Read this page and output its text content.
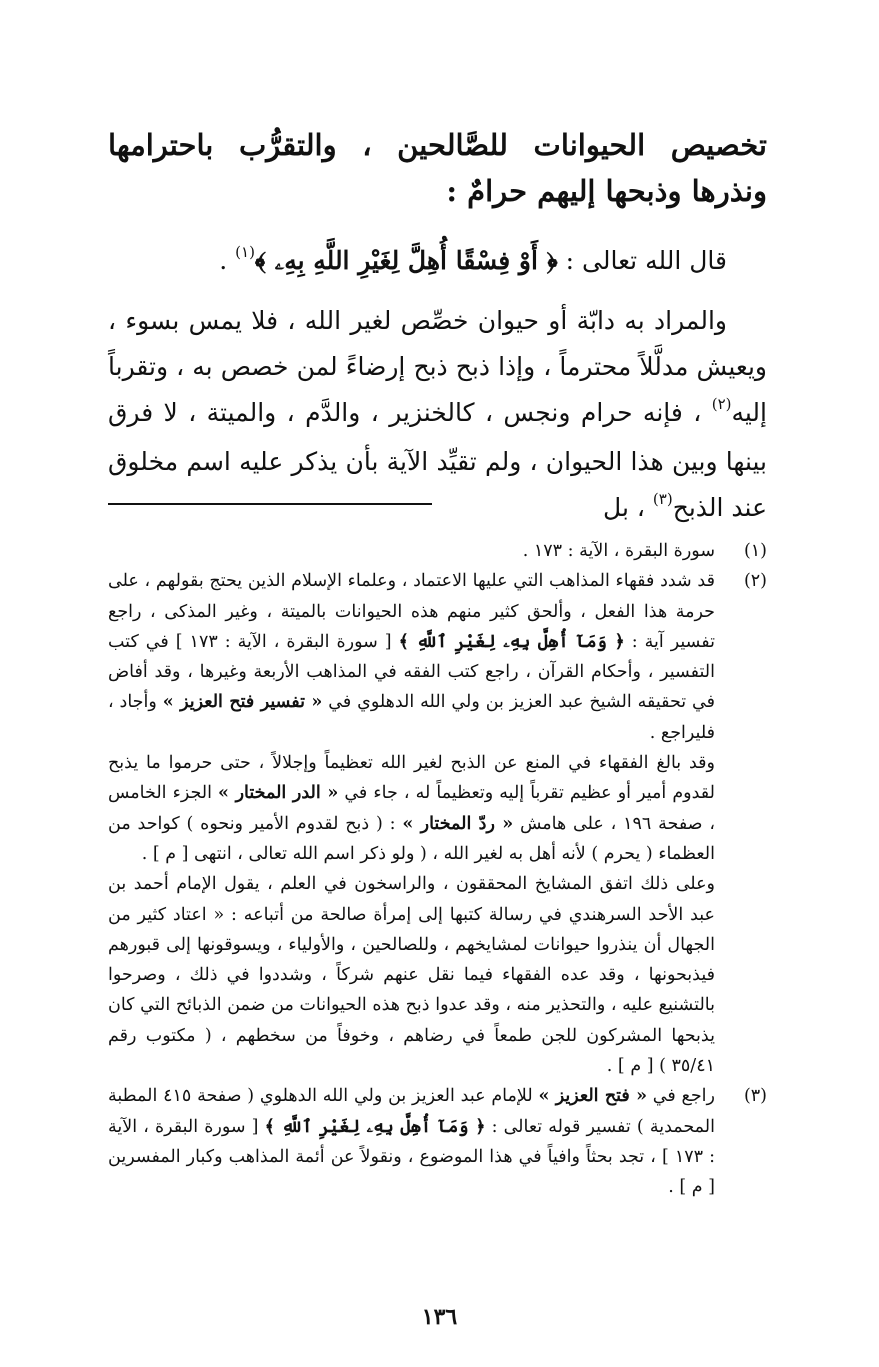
تخصيص الحيوانات للصَّالحين ، والتقرُّب باحترامها ونذرها وذبحها إليهم حرامٌ :
قال الله تعالى : ﴿ أَوْ فِسْقًا أُهِلَّ لِغَيْرِ اللَّهِ بِهِۦ ﴾$^{(١)}$ .
والمراد به دابّة أو حيوان خصِّص لغير الله ، فلا يمس بسوء ، ويعيش مدلَّلاً محترماً ، وإذا ذبح ذبح إرضاءً لمن خصص به ، وتقرباً إليه$^{(٢)}$ ، فإنه حرام ونجس ، كالخنزير ، والدَّم ، والميتة ، لا فرق بينها وبين هذا الحيوان ، ولم تقيِّد الآية بأن يذكر عليه اسم مخلوق عند الذبح$^{(٣)}$ ، بل
(١)

سورة البقرة ، الآية : ١٧٣ .

(٢)

قد شدد فقهاء المذاهب التي عليها الاعتماد ، وعلماء الإسلام الذين يحتج بقولهم ، على حرمة هذا الفعل ، وألحق كثير منهم هذه الحيوانات بالميتة ، وغير المذكى ، راجع تفسير آية : ﴿ وَمَآ أُهِلَّ بِهِۦ لِغَيْرِ ٱللَّهِ ﴾ [ سورة البقرة ، الآية : ١٧٣ ] في كتب التفسير ، وأحكام القرآن ، راجع كتب الفقه في المذاهب الأربعة وغيرها ، وقد أفاض في تحقيقه الشيخ عبد العزيز بن ولي الله الدهلوي في « تفسير فتح العزيز » وأجاد ، فليراجع .

وقد بالغ الفقهاء في المنع عن الذبح لغير الله تعظيماً وإجلالاً ، حتى حرموا ما يذبح لقدوم أمير أو عظيم تقرباً إليه وتعظيماً له ، جاء في « الدر المختار » الجزء الخامس ، صفحة ١٩٦ ، على هامش « ردّ المختار » : ( ذبح لقدوم الأمير ونحوه ) كواحد من العظماء ( يحرم ) لأنه أهل به لغير الله ، ( ولو ذكر اسم الله تعالى ، انتهى [ م ] .

وعلى ذلك اتفق المشايخ المحققون ، والراسخون في العلم ، يقول الإمام أحمد بن عبد الأحد السرهندي في رسالة كتبها إلى إمرأة صالحة من أتباعه : « اعتاد كثير من الجهال أن ينذروا حيوانات لمشايخهم ، وللصالحين ، والأولياء ، ويسوقونها إلى قبورهم فيذبحونها ، وقد عده الفقهاء فيما نقل عنهم شركاً ، وشددوا في ذلك ، وصرحوا بالتشنيع عليه ، والتحذير منه ، وقد عدوا ذبح هذه الحيوانات من ضمن الذبائح التي كان يذبحها المشركون للجن طمعاً في رضاهم ، وخوفاً من سخطهم ، ( مكتوب رقم ٣٥/٤١ ) [ م ] .

(٣)

راجع في « فتح العزيز » للإمام عبد العزيز بن ولي الله الدهلوي ( صفحة ٤١٥ المطبة المحمدية ) تفسير قوله تعالى : ﴿ وَمَآ أُهِلَّ بِهِۦ لِغَيْرِ ٱللَّهِ ﴾ [ سورة البقرة ، الآية : ١٧٣ ] ، تجد بحثاً وافياً في هذا الموضوع ، ونقولاً عن أئمة المذاهب وكبار المفسرين [ م ] .

١٣٦
